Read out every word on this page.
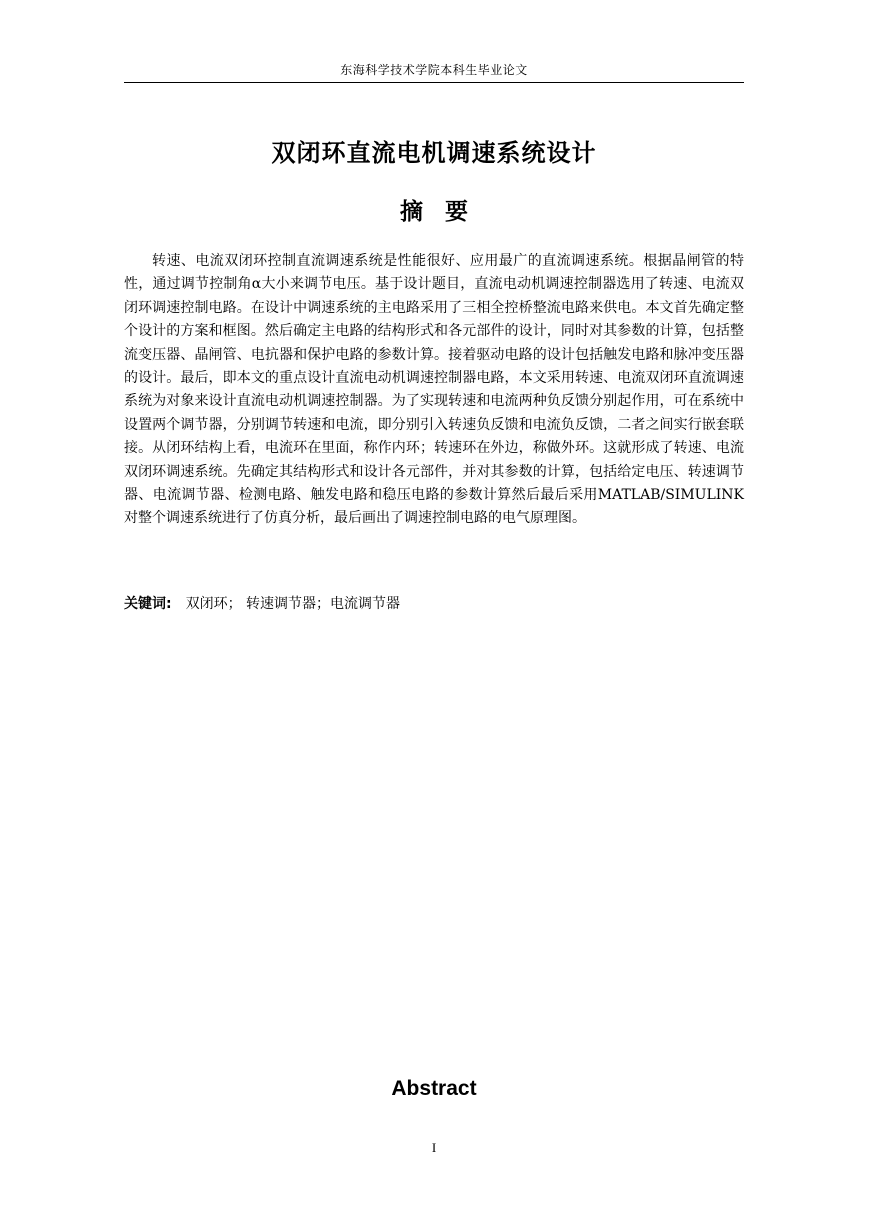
东海科学技术学院本科生毕业论文
双闭环直流电机调速系统设计
摘要

转速、电流双闭环控制直流调速系统是性能很好、应用最广的直流调速系统。根据晶闸管的特性，通过调节控制角α大小来调节电压。基于设计题目，直流电动机调速控制器选用了转速、电流双闭环调速控制电路。在设计中调速系统的主电路采用了三相全控桥整流电路来供电。本文首先确定整个设计的方案和框图。然后确定主电路的结构形式和各元部件的设计，同时对其参数的计算，包括整流变压器、晶闸管、电抗器和保护电路的参数计算。接着驱动电路的设计包括触发电路和脉冲变压器的设计。最后，即本文的重点设计直流电动机调速控制器电路，本文采用转速、电流双闭环直流调速系统为对象来设计直流电动机调速控制器。为了实现转速和电流两种负反馈分别起作用，可在系统中设置两个调节器，分别调节转速和电流，即分别引入转速负反馈和电流负反馈，二者之间实行嵌套联接。从闭环结构上看，电流环在里面，称作内环；转速环在外边，称做外环。这就形成了转速、电流双闭环调速系统。先确定其结构形式和设计各元部件，并对其参数的计算，包括给定电压、转速调节器、电流调节器、检测电路、触发电路和稳压电路的参数计算然后最后采用MATLAB/SIMULINK对整个调速系统进行了仿真分析，最后画出了调速控制电路的电气原理图。

关键词: 双闭环； 转速调节器；电流调节器
Abstract
I
